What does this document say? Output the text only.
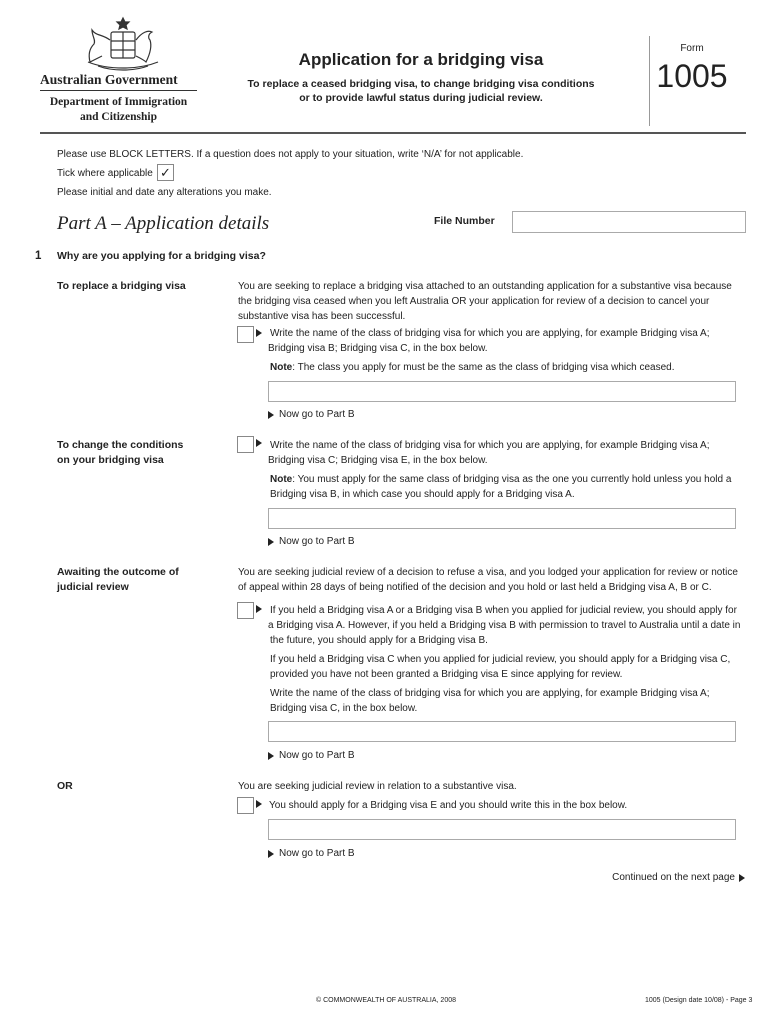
Australian Government
Department of Immigration
and Citizenship
Application for a bridging visa
To replace a ceased bridging visa, to change bridging visa conditions
or to provide lawful status during judicial review.
Form
1005
Please use BLOCK LETTERS. If a question does not apply to your situation, write ‘N/A’ for not applicable.
Tick where applicable ✓
Please initial and date any alterations you make.
Part A – Application details	File Number
1 Why are you applying for a bridging visa?
To replace a bridging visa	You are seeking to replace a bridging visa attached to an outstanding application for a substantive visa because
the bridging visa ceased when you left Australia OR your application for review of a decision to cancel your
substantive visa has been successful.
Write the name of the class of bridging visa for which you are applying, for example Bridging visa A;
Bridging visa B; Bridging visa C, in the box below.
Note: The class you apply for must be the same as the class of bridging visa which ceased.
Now go to Part B
To change the conditions
on your bridging visa
Write the name of the class of bridging visa for which you are applying, for example Bridging visa A;
Bridging visa C; Bridging visa E, in the box below.
Note: You must apply for the same class of bridging visa as the one you currently hold unless you hold a
Bridging visa B, in which case you should apply for a Bridging visa A.
Now go to Part B
Awaiting the outcome of
judicial review
You are seeking judicial review of a decision to refuse a visa, and you lodged your application for review or notice
of appeal within 28 days of being notified of the decision and you hold or last held a Bridging visa A, B or C.
If you held a Bridging visa A or a Bridging visa B when you applied for judicial review, you should apply for
a Bridging visa A. However, if you held a Bridging visa B with permission to travel to Australia until a date in
the future, you should apply for a Bridging visa B.
If you held a Bridging visa C when you applied for judicial review, you should apply for a Bridging visa C,
provided you have not been granted a Bridging visa E since applying for review.
Write the name of the class of bridging visa for which you are applying, for example Bridging visa A;
Bridging visa C, in the box below.
Now go to Part B
OR	You are seeking judicial review in relation to a substantive visa.
You should apply for a Bridging visa E and you should write this in the box below.
Now go to Part B
Continued on the next page
© COMMONWEALTH OF AUSTRALIA, 2008	1005 (Design date 10/08) - Page 3
